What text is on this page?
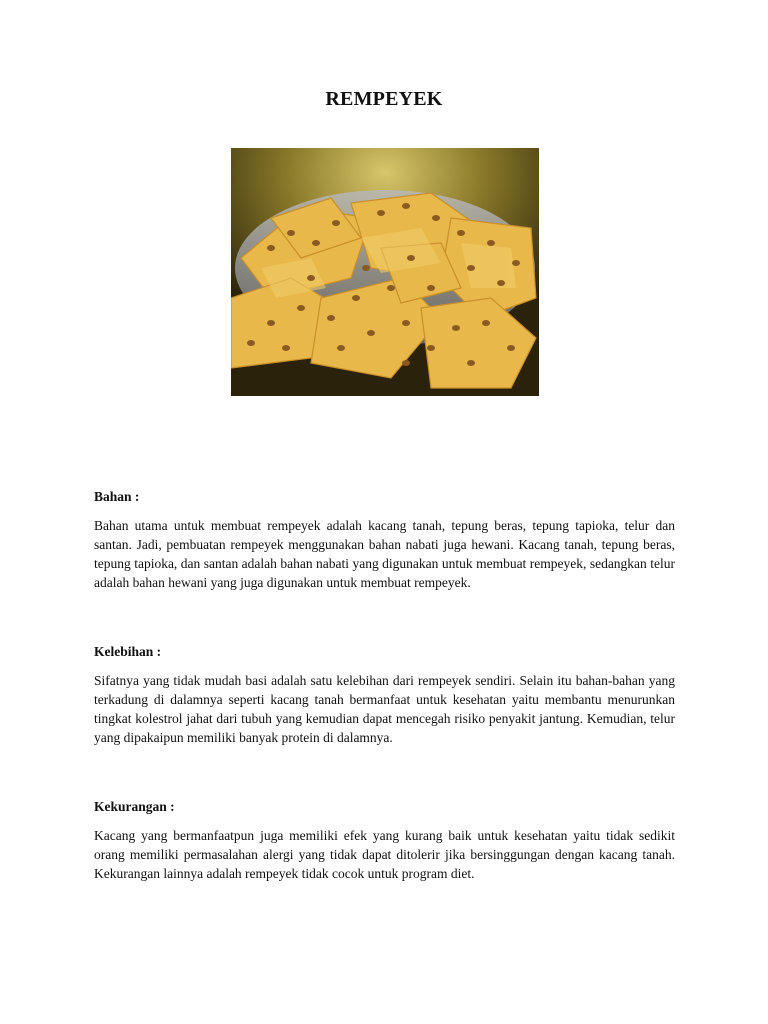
REMPEYEK

Bahan :

Bahan utama untuk membuat rempeyek adalah kacang tanah, tepung beras, tepung tapioka, telur dan santan. Jadi, pembuatan rempeyek menggunakan bahan nabati juga hewani. Kacang tanah, tepung beras, tepung tapioka, dan santan adalah bahan nabati yang digunakan untuk membuat rempeyek, sedangkan telur adalah bahan hewani yang juga digunakan untuk membuat rempeyek.

Kelebihan :

Sifatnya yang tidak mudah basi adalah satu kelebihan dari rempeyek sendiri. Selain itu bahan-bahan yang terkadung di dalamnya seperti kacang tanah bermanfaat untuk kesehatan yaitu membantu menurunkan tingkat kolestrol jahat dari tubuh yang kemudian dapat mencegah risiko penyakit jantung. Kemudian, telur yang dipakaipun memiliki banyak protein di dalamnya.

Kekurangan :

Kacang yang bermanfaatpun juga memiliki efek yang kurang baik untuk kesehatan yaitu tidak sedikit orang memiliki permasalahan alergi yang tidak dapat ditolerir jika bersinggungan dengan kacang tanah. Kekurangan lainnya adalah rempeyek tidak cocok untuk program diet.
